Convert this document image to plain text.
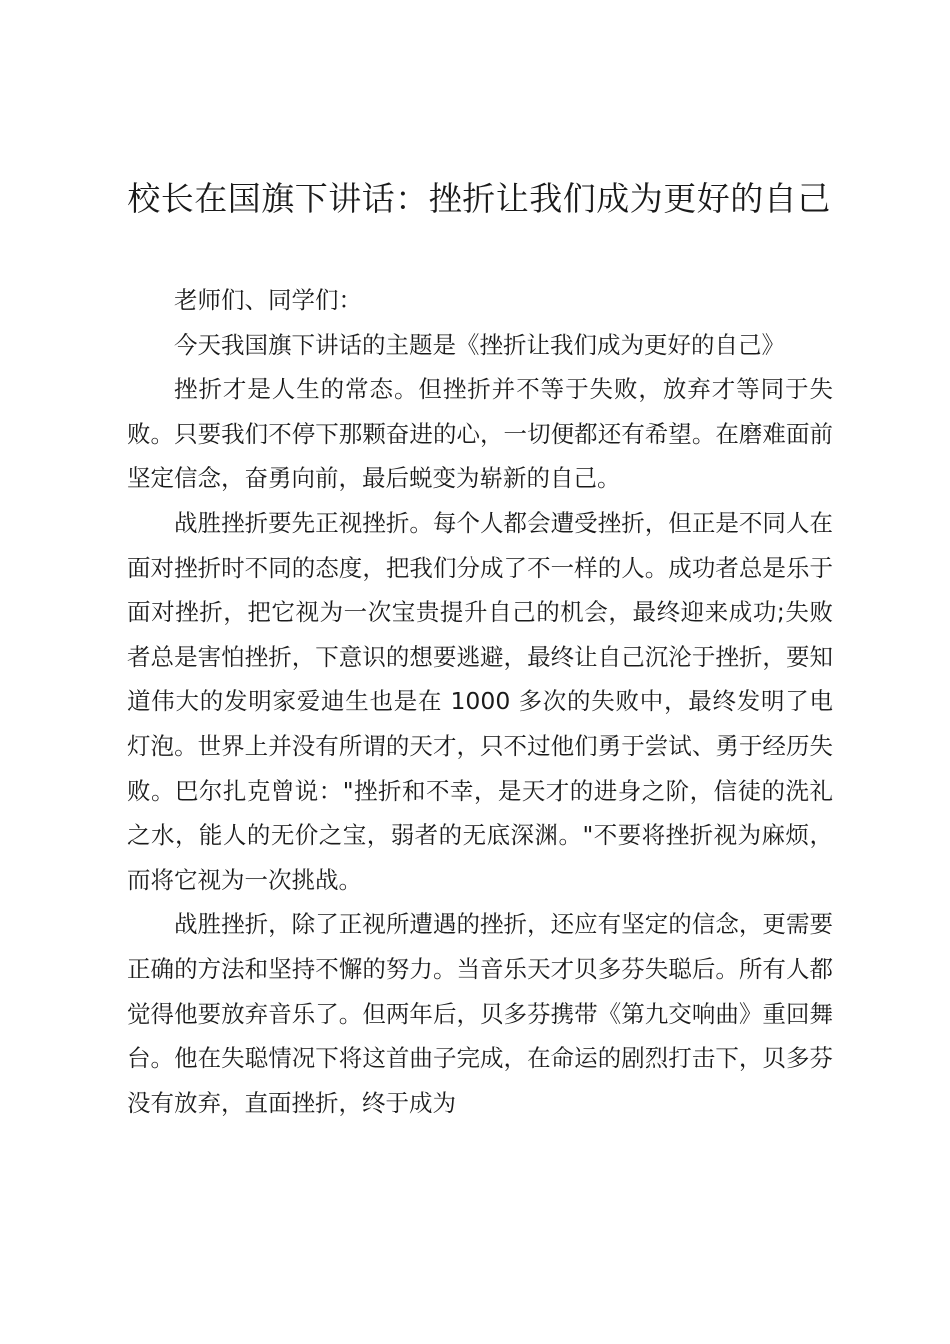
校长在国旗下讲话：挫折让我们成为更好的自己

老师们、同学们：

今天我国旗下讲话的主题是《挫折让我们成为更好的自己》

挫折才是人生的常态。但挫折并不等于失败，放弃才等同于失败。只要我们不停下那颗奋进的心，一切便都还有希望。在磨难面前坚定信念，奋勇向前，最后蜕变为崭新的自己。

战胜挫折要先正视挫折。每个人都会遭受挫折，但正是不同人在面对挫折时不同的态度，把我们分成了不一样的人。成功者总是乐于面对挫折，把它视为一次宝贵提升自己的机会，最终迎来成功;失败者总是害怕挫折，下意识的想要逃避，最终让自己沉沦于挫折，要知道伟大的发明家爱迪生也是在 1000 多次的失败中，最终发明了电灯泡。世界上并没有所谓的天才，只不过他们勇于尝试、勇于经历失败。巴尔扎克曾说："挫折和不幸，是天才的进身之阶，信徒的洗礼之水，能人的无价之宝，弱者的无底深渊。"不要将挫折视为麻烦，而将它视为一次挑战。

战胜挫折，除了正视所遭遇的挫折，还应有坚定的信念，更需要正确的方法和坚持不懈的努力。当音乐天才贝多芬失聪后。所有人都觉得他要放弃音乐了。但两年后，贝多芬携带《第九交响曲》重回舞台。他在失聪情况下将这首曲子完成，在命运的剧烈打击下，贝多芬没有放弃，直面挫折，终于成为
